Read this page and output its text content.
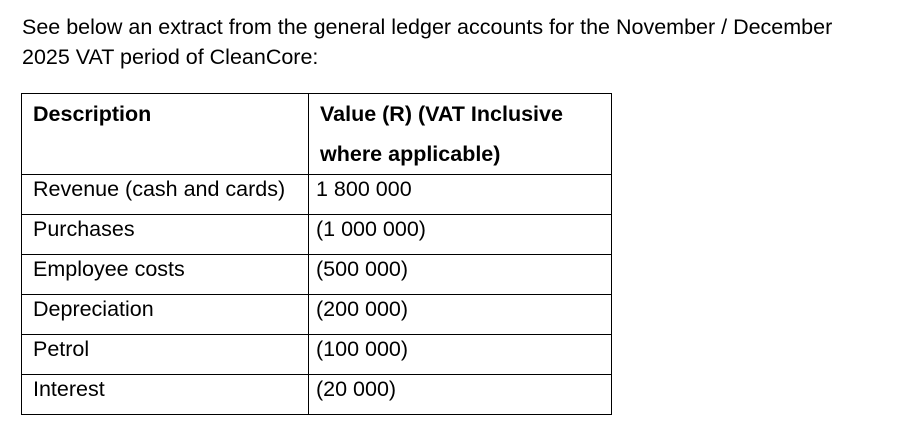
See below an extract from the general ledger accounts for the November / December
2025 VAT period of CleanCore:

Description	Value (R) (VAT Inclusive
where applicable)

Revenue (cash and cards)	1 800 000
Purchases	(1 000 000)
Employee costs	(500 000)
Depreciation	(200 000)
Petrol	(100 000)
Interest	(20 000)
